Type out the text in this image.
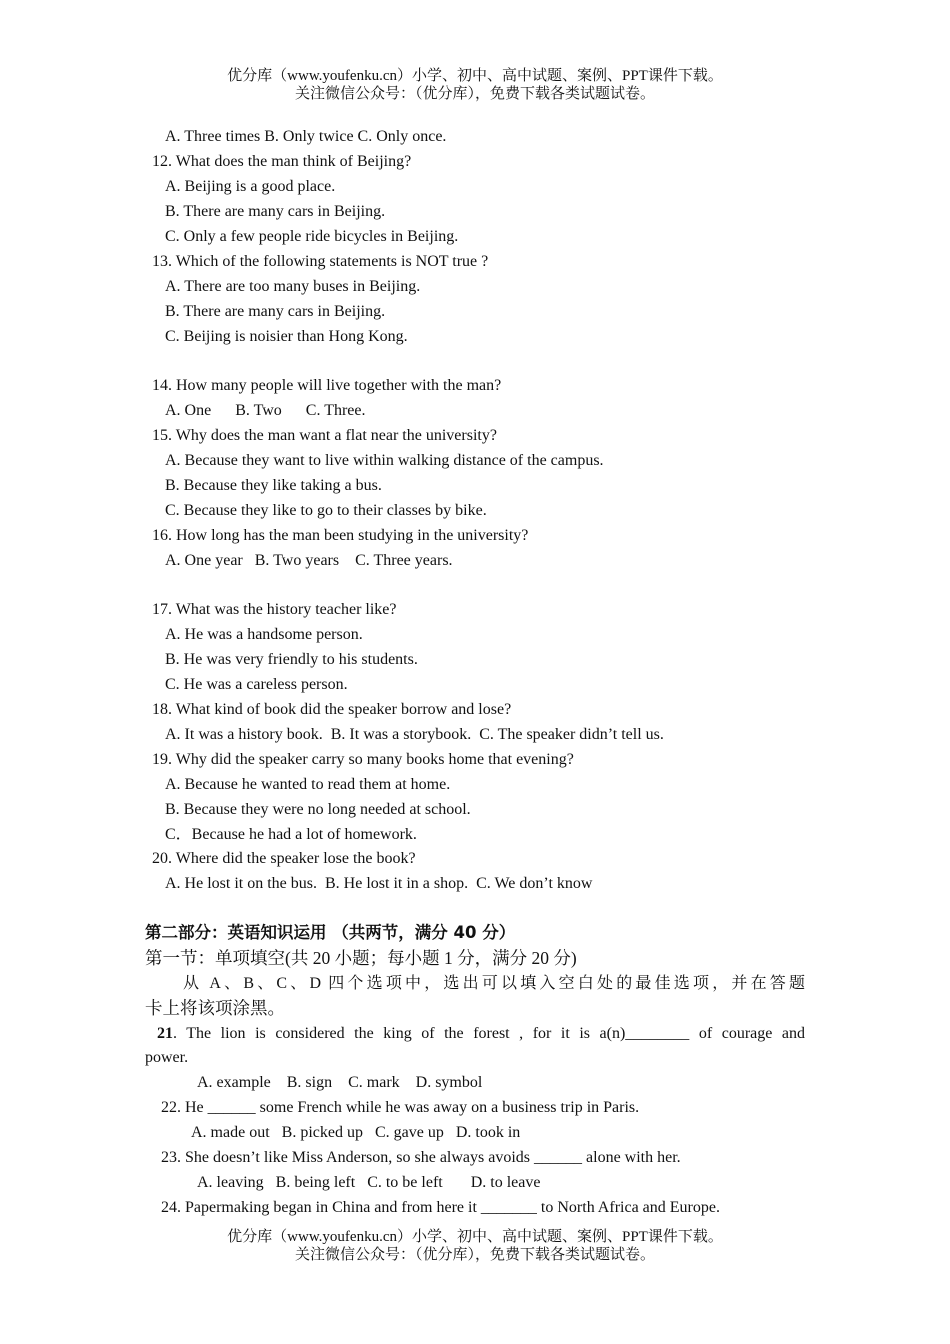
优分库（www.youfenku.cn）小学、初中、高中试题、案例、PPT课件下载。
关注微信公众号：（优分库），免费下载各类试题试卷。
A. Three times B. Only twice C. Only once.
12. What does the man think of Beijing?
A. Beijing is a good place.
B. There are many cars in Beijing.
C. Only a few people ride bicycles in Beijing.
13. Which of the following statements is NOT true ?
A. There are too many buses in Beijing.
B. There are many cars in Beijing.
C. Beijing is noisier than Hong Kong.
14. How many people will live together with the man?
A. One      B. Two      C. Three.
15. Why does the man want a flat near the university?
A. Because they want to live within walking distance of the campus.
B. Because they like taking a bus.
C. Because they like to go to their classes by bike.
16. How long has the man been studying in the university?
A. One year   B. Two years    C. Three years.
17. What was the history teacher like?
A. He was a handsome person.
B. He was very friendly to his students.
C. He was a careless person.
18. What kind of book did the speaker borrow and lose?
A. It was a history book.  B. It was a storybook.  C. The speaker didn’t tell us.
19. Why did the speaker carry so many books home that evening?
A. Because he wanted to read them at home.
B. Because they were no long needed at school.
C．Because he had a lot of homework.
20. Where did the speaker lose the book?
A. He lost it on the bus.  B. He lost it in a shop.  C. We don’t know
第二部分：英语知识运用 （共两节，满分 40 分）
第一节：单项填空(共 20 小题；每小题 1 分，满分 20 分)
从 A、B、C、D 四个选项中，选出可以填入空白处的最佳选项，并在答题
卡上将该项涂黑。
21. The lion is considered the king of the forest , for it is a(n)________ of courage and
power.
A. example    B. sign    C. mark    D. symbol
22. He ______ some French while he was away on a business trip in Paris.
A. made out   B. picked up   C. gave up   D. took in
23. She doesn’t like Miss Anderson, so she always avoids ______ alone with her.
A. leaving   B. being left   C. to be left       D. to leave
24. Papermaking began in China and from here it _______ to North Africa and Europe.
优分库（www.youfenku.cn）小学、初中、高中试题、案例、PPT课件下载。
关注微信公众号：（优分库），免费下载各类试题试卷。
